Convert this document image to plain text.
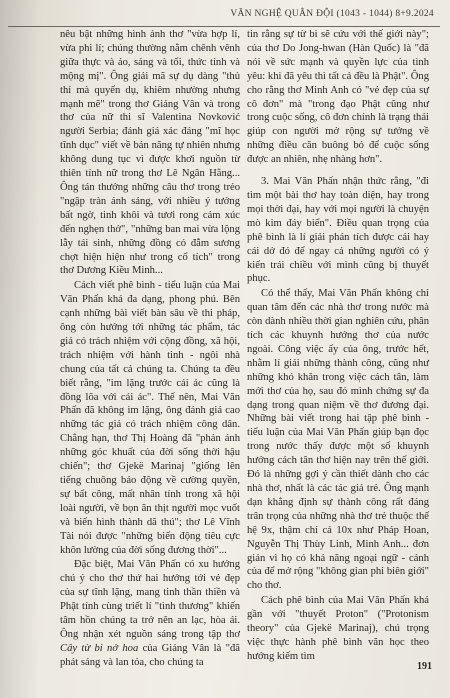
VĂN NGHỆ QUÂN ĐỘI (1043 - 1044) 8+9.2024

nêu bật những hình ảnh thơ "vừa hợp lí, vừa phi lí; chúng thường nằm chênh vênh giữa thực và ảo, sáng và tối, thức tỉnh và mộng mị". Ông giải mã sự dụ dàng "thủ thỉ mà quyến dụ, khiêm nhường nhưng mạnh mẽ" trong thơ Giáng Vân và trong thơ của nữ thi sĩ Valentina Novković người Serbia; đánh giá xác đáng "mĩ học tĩnh dục" viết về bản năng tự nhiên nhưng không dung tục vì được khơi nguồn từ thiên tính nữ trong thơ Lê Ngân Hằng... Ông tán thưởng những câu thơ trong trẻo "ngập tràn ánh sáng, với nhiều ý tưởng bất ngờ, tinh khôi và tươi rong cảm xúc đến nghẹn thở", "những ban mai vừa lộng lẫy tái sinh, những đồng cỏ đẫm sương chợt hiện hiện như trong cổ tích" trong thơ Dương Kiều Minh...

Cách viết phê bình - tiểu luận của Mai Văn Phấn khá đa dạng, phong phú. Bên cạnh những bài viết bàn sâu về thi pháp, ông còn hướng tới những tác phẩm, tác giả có trách nhiệm với cộng đồng, xã hội, trách nhiệm với hành tinh - ngôi nhà chung của tất cả chúng ta. Chúng ta đều biết rằng, "im lặng trước cái ác cũng là đồng lõa với cái ác". Thế nên, Mai Văn Phấn đã không im lặng, ông đánh giá cao những tác giả có trách nhiệm công dân. Chẳng hạn, thơ Thị Hoàng đã "phản ánh những góc khuất của đời sống thời hậu chiến"; thơ Gjekë Marinaj "giống lên tiếng chuông báo động về cường quyền, sự bất công, mất nhân tính trong xã hội loài người, về bọn ăn thịt người mọc vuốt và biến hình thành dã thú"; thơ Lê Vĩnh Tài nói được "những biến động tiêu cực khôn lường của đời sống đương thời"...

Đặc biệt, Mai Văn Phấn có xu hướng chú ý cho thơ thứ hai hướng tới vẻ đẹp của sự tĩnh lặng, mang tinh thần thiền và Phật tính cùng triết lí "tình thương" khiến tâm hồn chúng ta trở nên an lạc, hòa ái. Ông nhận xét nguồn sáng trong tập thơ Cây từ bi nở hoa của Giáng Vân là "đã phát sáng và lan tỏa, cho chúng ta

tin rằng sự từ bi sẽ cứu với thế giới này"; của thơ Do Jong-hwan (Hàn Quốc) là "đã nói về sức mạnh và quyền lực của tình yêu: khi đã yêu thì tất cả đều là Phật". Ông cho rằng thơ Minh Anh có "vẻ đẹp của sự cô đơn" mà "trong đạo Phật cũng như trong cuộc sống, cô đơn chính là trạng thái giúp con người mở rộng sự tưởng về những điều căn buông bỏ để cuộc sống được an nhiên, nhẹ nhàng hơn".

3. Mai Văn Phấn nhận thức rằng, "đi tìm một bài thơ hay toàn diện, hay trong mọi thời đại, hay với mọi người là chuyện mò kim đáy biển". Điều quan trọng của phê bình là lí giải phán tích được cái hay cái dở đó để ngay cả những người có ý kiến trái chiều với mình cũng bị thuyết phục.

Có thể thấy, Mai Văn Phấn không chỉ quan tâm đến các nhà thơ trong nước mà còn dành nhiều thời gian nghiên cứu, phân tích các khuynh hướng thơ của nước ngoài. Công việc ấy của ông, trước hết, nhằm lí giải những thành công, cũng như những khó khăn trong việc cách tân, làm mới thơ của họ, sau đó mình chứng sự đa dạng trong quan niệm về thơ đương đại. Những bài viết trong hai tập phê bình - tiểu luận của Mai Văn Phấn giúp bạn đọc trong nước thấy được một số khuynh hướng cách tân thơ hiện nay trên thế giới. Đó là những gợi ý cần thiết dành cho các nhà thơ, nhất là các tác giả trẻ. Ông mạnh dạn khẳng định sự thành công rất đáng trân trọng của những nhà thơ trẻ thuộc thế hệ 9x, thậm chí cả 10x như Pháp Hoan, Nguyễn Thị Thùy Linh, Minh Anh... đơn giản vì họ có khả năng ngoại ngữ - cảnh của để mở rộng "không gian phi biên giới" cho thơ.

Cách phê bình của Mai Văn Phấn khá gần với "thuyết Proton" ("Protonism theory" của Gjekë Marinaj), chú trọng việc thực hành phê bình văn học theo hướng kiếm tìm

191
